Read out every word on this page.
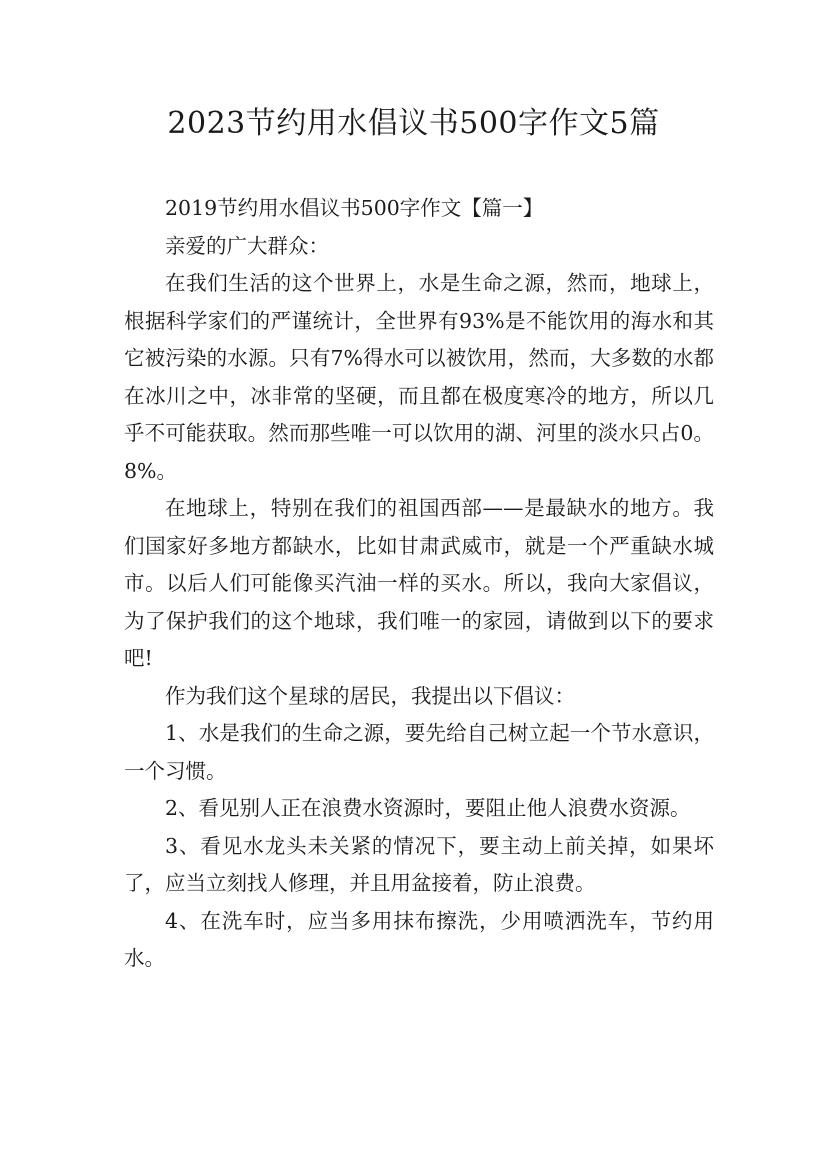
2023节约用水倡议书500字作文5篇

2019节约用水倡议书500字作文【篇一】

亲爱的广大群众：

在我们生活的这个世界上，水是生命之源，然而，地球上，根据科学家们的严谨统计，全世界有93%是不能饮用的海水和其它被污染的水源。只有7%得水可以被饮用，然而，大多数的水都在冰川之中，冰非常的坚硬，而且都在极度寒冷的地方，所以几乎不可能获取。然而那些唯一可以饮用的湖、河里的淡水只占0。8%。

在地球上，特别在我们的祖国西部——是最缺水的地方。我们国家好多地方都缺水，比如甘肃武威市，就是一个严重缺水城市。以后人们可能像买汽油一样的买水。所以，我向大家倡议，为了保护我们的这个地球，我们唯一的家园，请做到以下的要求吧!

作为我们这个星球的居民，我提出以下倡议：

1、水是我们的生命之源，要先给自己树立起一个节水意识，一个习惯。

2、看见别人正在浪费水资源时，要阻止他人浪费水资源。

3、看见水龙头未关紧的情况下，要主动上前关掉，如果坏了，应当立刻找人修理，并且用盆接着，防止浪费。

4、在洗车时，应当多用抹布擦洗，少用喷洒洗车，节约用水。
